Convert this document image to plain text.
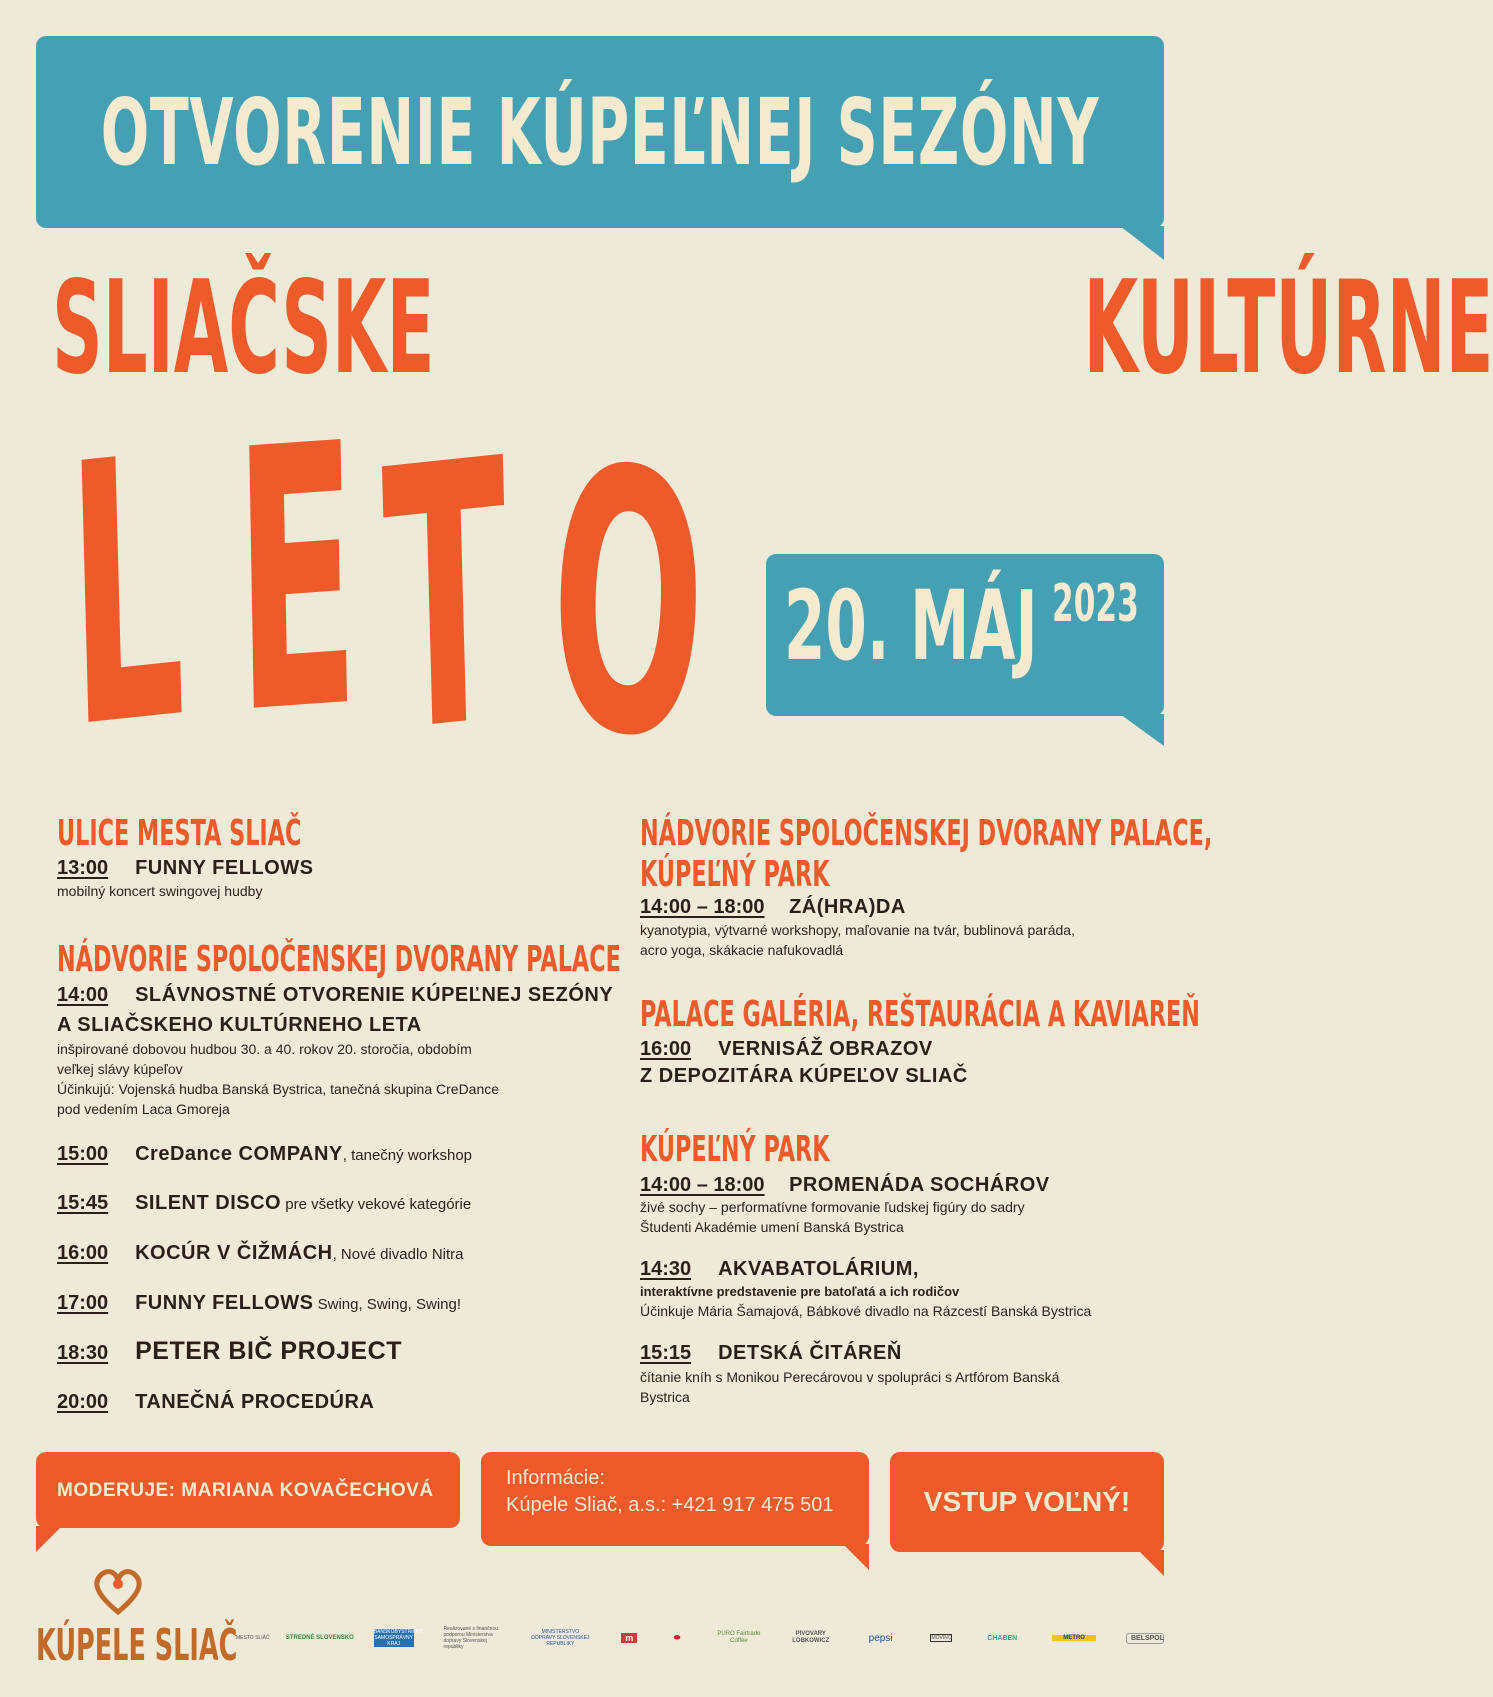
OTVORENIE KÚPEĽNEJ SEZÓNY
SLIAČSKE	KULTÚRNE
L E T O 20. MÁJ 2023
ULICE MESTA SLIAČ
13:00 FUNNY FELLOWS
mobilný koncert swingovej hudby
NÁDVORIE SPOLOČENSKEJ DVORANY PALACE
14:00 SLÁVNOSTNÉ OTVORENIE KÚPEĽNEJ SEZÓNY
A SLIAČSKEHO KULTÚRNEHO LETA
inšpirované dobovou hudbou 30. a 40. rokov 20. storočia, obdobím
veľkej slávy kúpeľov
Účinkujú: Vojenská hudba Banská Bystrica, tanečná skupina CreDance
pod vedením Laca Gmoreja
15:00 CreDance COMPANY, tanečný workshop
15:45 SILENT DISCO pre všetky vekové kategórie
16:00 KOCÚR V ČIŽMÁCH, Nové divadlo Nitra
17:00 FUNNY FELLOWS Swing, Swing, Swing!
18:30 PETER BIČ PROJECT
20:00 TANEČNÁ PROCEDÚRA
NÁDVORIE SPOLOČENSKEJ DVORANY PALACE,
KÚPEĽNÝ PARK
14:00 – 18:00 ZÁ(HRA)DA
kyanotypia, výtvarné workshopy, maľovanie na tvár, bublinová paráda,
acro yoga, skákacie nafukovadlá
PALACE GALÉRIA, REŠTAURÁCIA A KAVIAREŇ
16:00 VERNISÁŽ OBRAZOV
Z DEPOZITÁRA KÚPEĽOV SLIAČ
KÚPEĽNÝ PARK
14:00 – 18:00 PROMENÁDA SOCHÁROV
živé sochy – performatívne formovanie ľudskej figúry do sadry
Študenti Akadémie umení Banská Bystrica
14:30 AKVABATOLÁRIUM,
interaktívne predstavenie pre batoľatá a ich rodičov
Účinkuje Mária Šamajová, Bábkové divadlo na Rázcestí Banská Bystrica
15:15 DETSKÁ ČITÁREŇ
čítanie kníh s Monikou Perecárovou v spolupráci s Artfórom Banská
Bystrica
MODERUJE: MARIANA KOVAČECHOVÁ
Informácie:
Kúpele Sliač, a.s.: +421 917 475 501	VSTUP VOĽNÝ!
KÚPELE SLIAČ
MESTO SLIAČ	STREDNÉ SLOVENSKO
BANSKOBYSTRICKÝ SAMOSPRÁVNY KRAJ
Realizované s finančnou podporou Ministerstva dopravy Slovenskej republiky
MINISTERSTVO DOPRAVY SLOVENSKEJ REPUBLIKY
m	⬬	PURO Fairtrade Coffee
PIVOVARY LOBKOWICZ	pepsi	MOVINO	CHABEN	METRO	BELSPOL
